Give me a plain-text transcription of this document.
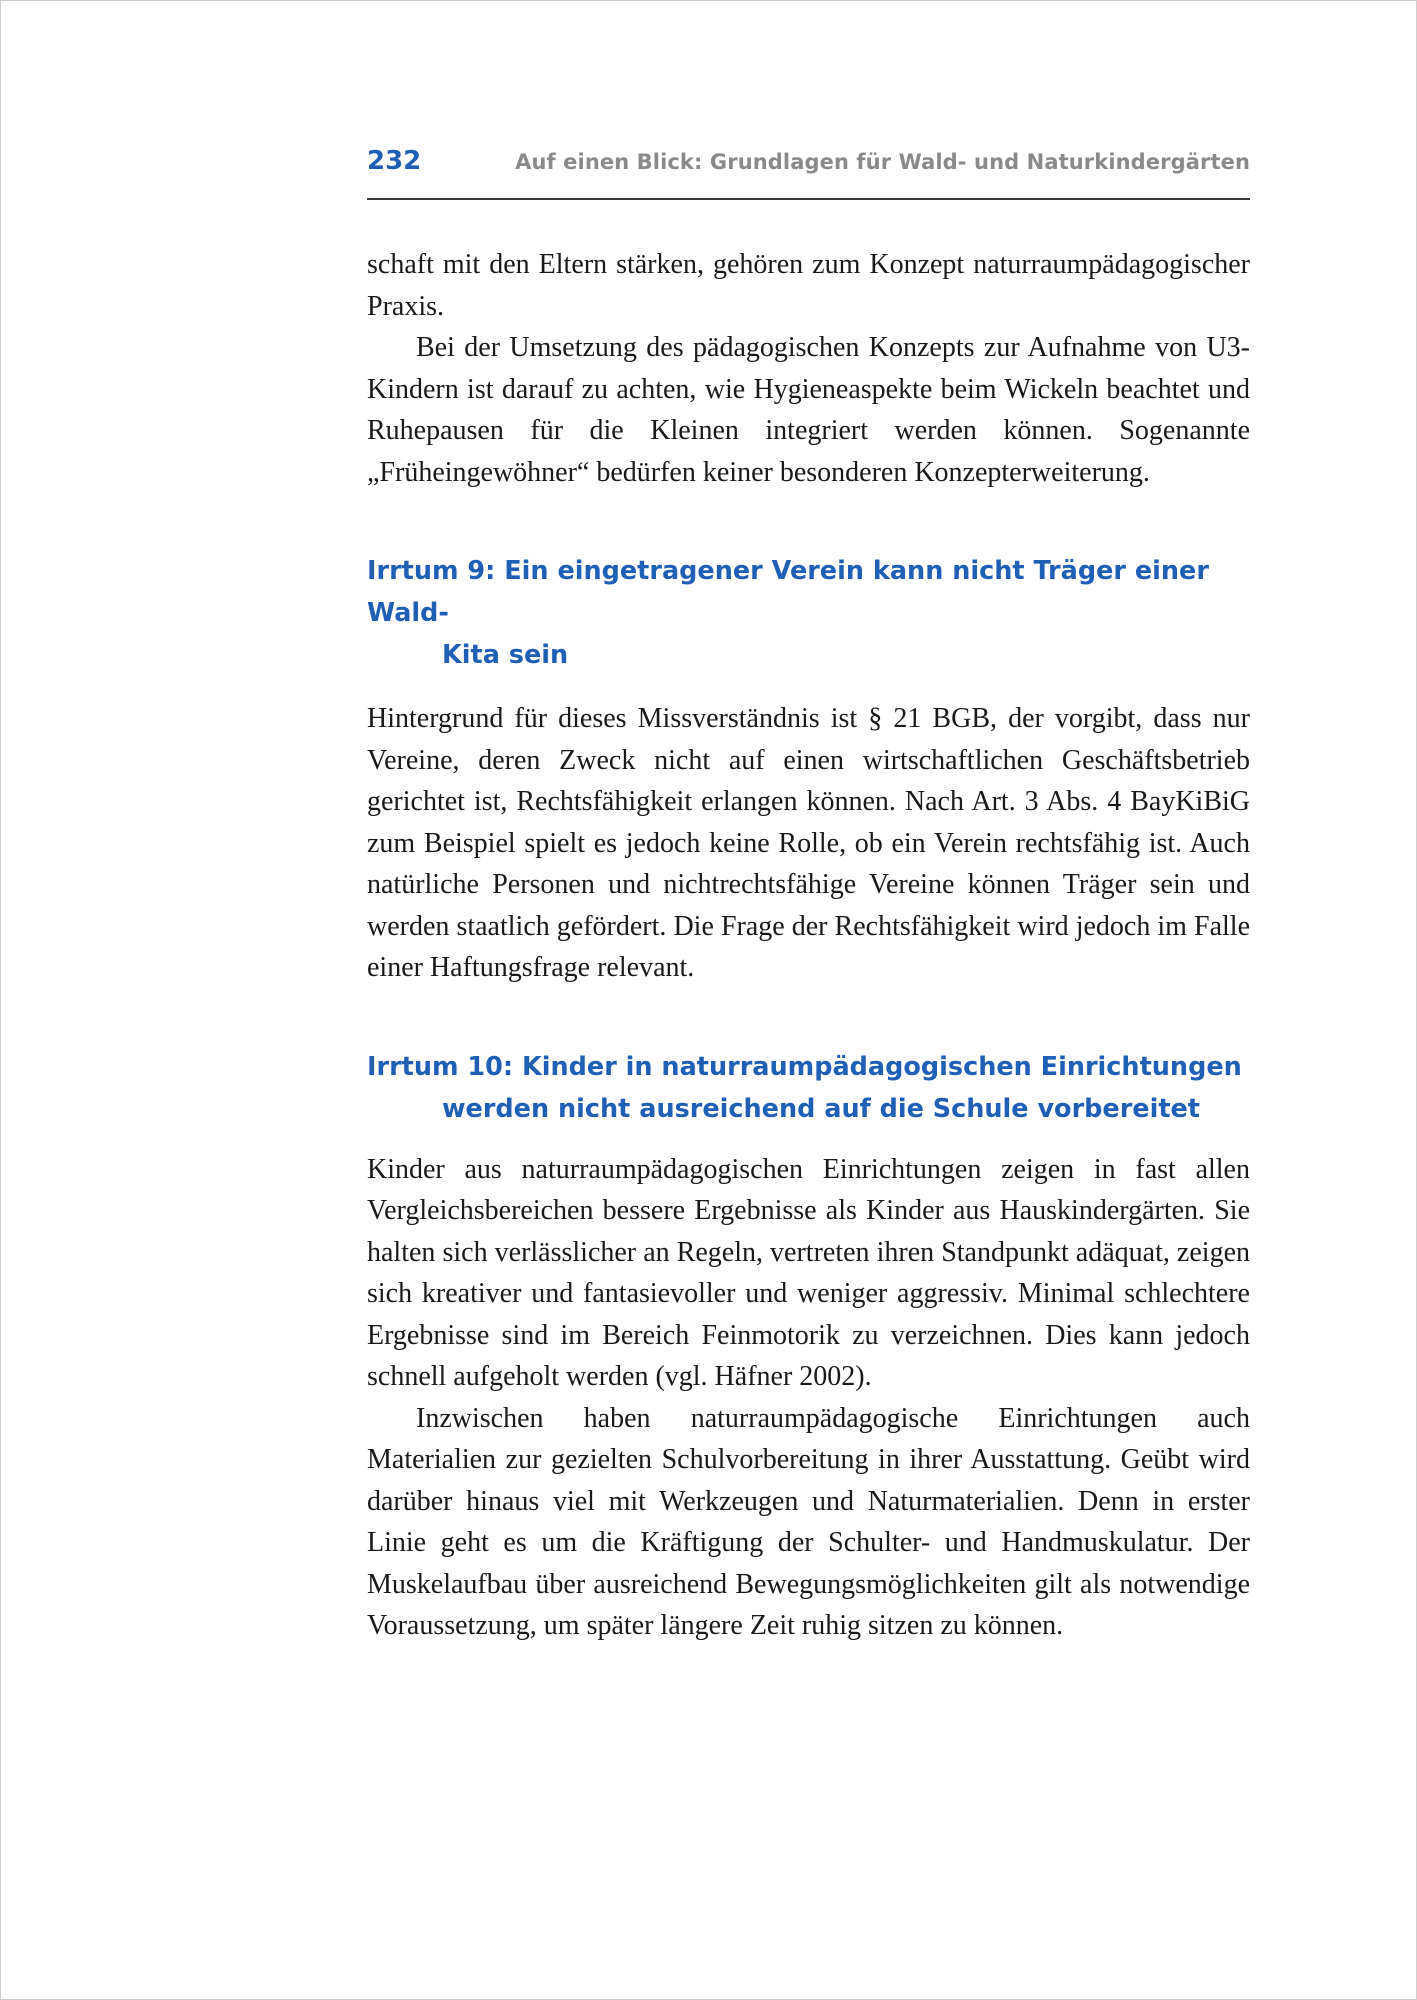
232	Auf einen Blick: Grundlagen für Wald- und Naturkindergärten

schaft mit den Eltern stärken, gehören zum Konzept naturraumpädagogischer Praxis.

Bei der Umsetzung des pädagogischen Konzepts zur Aufnahme von U3-Kindern ist darauf zu achten, wie Hygieneaspekte beim Wickeln beachtet und Ruhepausen für die Kleinen integriert werden können. Sogenannte „Früheingewöhner“ bedürfen keiner besonderen Konzepterweiterung.

Irrtum 9: Ein eingetragener Verein kann nicht Träger einer Wald-
Kita sein

Hintergrund für dieses Missverständnis ist § 21 BGB, der vorgibt, dass nur Vereine, deren Zweck nicht auf einen wirtschaftlichen Geschäftsbetrieb gerichtet ist, Rechtsfähigkeit erlangen können. Nach Art. 3 Abs. 4 BayKiBiG zum Beispiel spielt es jedoch keine Rolle, ob ein Verein rechtsfähig ist. Auch natürliche Personen und nichtrechtsfähige Vereine können Träger sein und werden staatlich gefördert. Die Frage der Rechtsfähigkeit wird jedoch im Falle einer Haftungsfrage relevant.

Irrtum 10: Kinder in naturraumpädagogischen Einrichtungen
werden nicht ausreichend auf die Schule vorbereitet

Kinder aus naturraumpädagogischen Einrichtungen zeigen in fast allen Vergleichsbereichen bessere Ergebnisse als Kinder aus Hauskindergärten. Sie halten sich verlässlicher an Regeln, vertreten ihren Standpunkt adäquat, zeigen sich kreativer und fantasievoller und weniger aggressiv. Minimal schlechtere Ergebnisse sind im Bereich Feinmotorik zu verzeichnen. Dies kann jedoch schnell aufgeholt werden (vgl. Häfner 2002).

Inzwischen haben naturraumpädagogische Einrichtungen auch Materialien zur gezielten Schulvorbereitung in ihrer Ausstattung. Geübt wird darüber hinaus viel mit Werkzeugen und Naturmaterialien. Denn in erster Linie geht es um die Kräftigung der Schulter- und Handmuskulatur. Der Muskelaufbau über ausreichend Bewegungsmöglichkeiten gilt als notwendige Voraussetzung, um später längere Zeit ruhig sitzen zu können.
